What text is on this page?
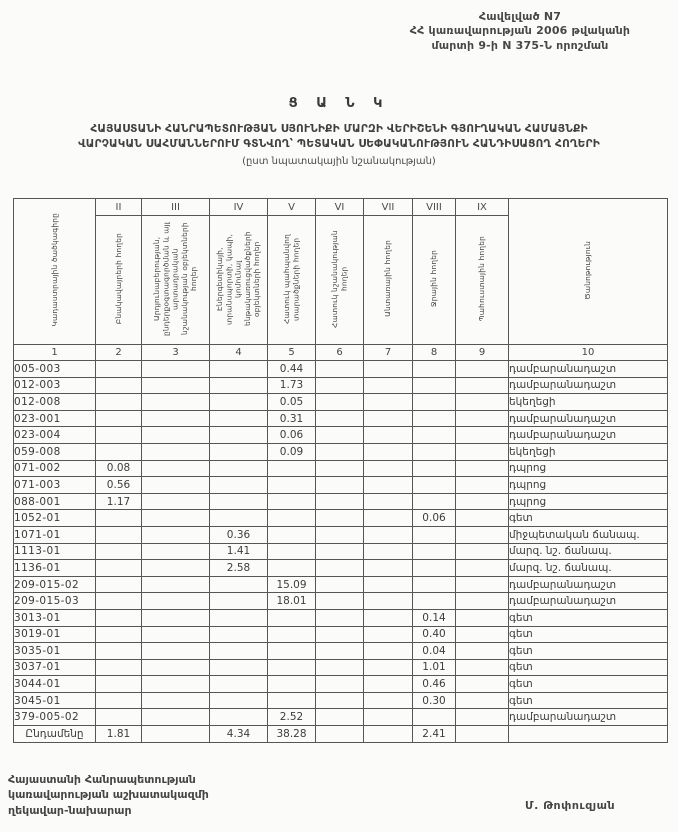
Հավելված N7
ՀՀ կառավարության 2006 թվականի
մարտի 9-ի N 375-Ն որոշման
Ց Ա Ն Կ
ՀԱՅԱՍՏԱՆԻ ՀԱՆՐԱՊԵՏՈՒԹՅԱՆ ՍՅՈՒՆԻՔԻ ՄԱՐԶԻ ՎԵՐԻՇԵՆԻ ԳՅՈՒՂԱԿԱՆ ՀԱՄԱՅՆՔԻ
ՎԱՐՉԱԿԱՆ ՍԱՀՄԱՆՆԵՐՈՒՄ ԳՏՆՎՈՂ՝ ՊԵՏԱԿԱՆ ՍԵՓԱԿԱՆՈՒԹՅՈՒՆ ՀԱՆԴԻՍԱՑՈՂ ՀՈՂԵՐԻ
(ըստ նպատակային նշանակության)
Կադաստրային ծածկագիրը	II	III	IV	V	VI	VII	VIII	IX	Ծանոթություն
	Բնակավայրերի հողեր	Արդյունաբերության, ընդերքօգտագործման և այլ արտադրական նշանակության օբյեկտների հողեր	Էներգետիկայի, տրանսպորտի, կապի, կոմունալ ենթակառուցվածքների օբյեկտների հողեր	Հատուկ պահպանվող տարածքների հողեր	Հատուկ նշանակության հողեր	Անտառային հողեր	Ջրային հողեր	Պահուստային հողեր	
1	2	3	4	5	6	7	8	9	10
005-003				0.44					դամբարանադաշտ
012-003				1.73					դամբարանադաշտ
012-008				0.05					եկեղեցի
023-001				0.31					դամբարանադաշտ
023-004				0.06					դամբարանադաշտ
059-008				0.09					եկեղեցի
071-002	0.08								դպրոց
071-003	0.56								դպրոց
088-001	1.17								դպրոց
1052-01							0.06		գետ
1071-01			0.36						միջպետական ճանապ.
1113-01			1.41						մարզ. նշ. ճանապ.
1136-01			2.58						մարզ. նշ. ճանապ.
209-015-02				15.09					դամբարանադաշտ
209-015-03				18.01					դամբարանադաշտ
3013-01							0.14		գետ
3019-01							0.40		գետ
3035-01							0.04		գետ
3037-01							1.01		գետ
3044-01							0.46		գետ
3045-01							0.30		գետ
379-005-02				2.52					դամբարանադաշտ
Ընդամենը	1.81		4.34	38.28			2.41		
Հայաստանի Հանրապետության
կառավարության աշխատակազմի
ղեկավար-նախարար	Մ. Թոփուզյան
